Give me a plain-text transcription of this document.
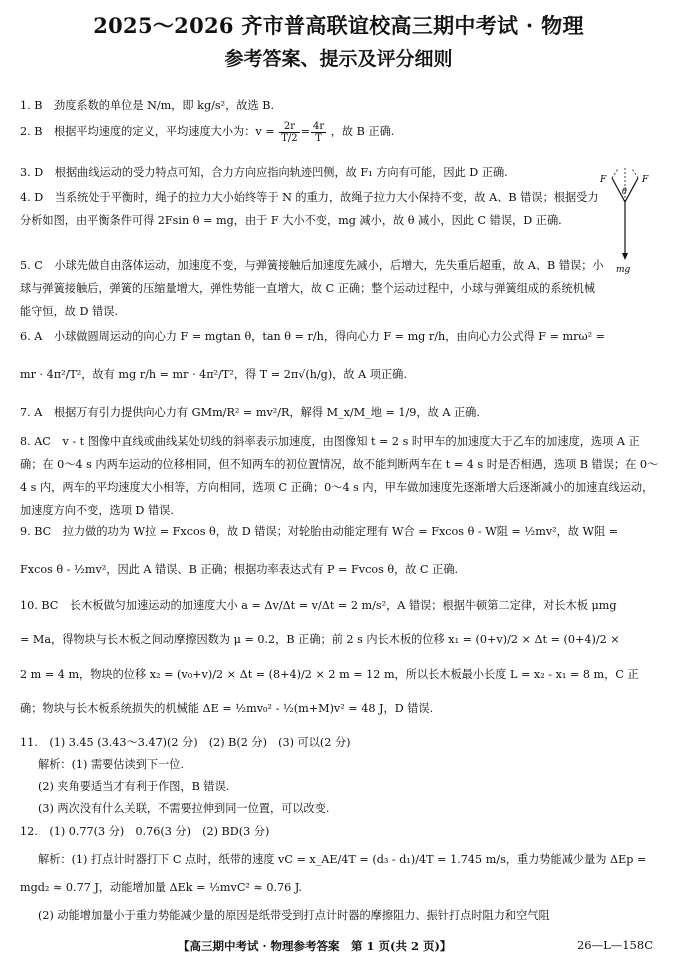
2025～2026 齐市普高联谊校高三期中考试 · 物理
参考答案、提示及评分细则
1. B 劲度系数的单位是 N/m，即 kg/s²，故选 B.
2. B 根据平均速度的定义，平均速度大小为：$v = \frac{2r}{T/2} = \frac{4r}{T}$ ，故 B 正确.
3. D 根据曲线运动的受力特点可知，合力方向应指向轨迹凹侧，故 F₁ 方向有可能，因此 D 正确.
4. D 当系统处于平衡时，绳子的拉力大小始终等于 N 的重力，故绳子拉力大小保持不变，故 A、B 错误；根据受力分析如图，由平衡条件可得 2Fsin θ = mg，由于 F 大小不变，mg 减小，故 θ 减小，因此 C 错误，D 正确.
5. C 小球先做自由落体运动，加速度不变，与弹簧接触后加速度先减小，后增大，先失重后超重，故 A、B 错误；小球与弹簧接触后，弹簧的压缩量增大，弹性势能一直增大，故 C 正确；整个运动过程中，小球与弹簧组成的系统机械能守恒，故 D 错误.
6. A 小球做圆周运动的向心力 F = mgtan θ，tan θ = r/h，得向心力 F = mg r/h，由向心力公式得 F = mrω² =
mr · 4π²/T²，故有 mg r/h = mr · 4π²/T²，得 T = 2π√(h/g)，故 A 项正确.
7. A 根据万有引力提供向心力有 GMm/R² = mv²/R，解得 M_x/M_地 = 1/9，故 A 正确.
8. AC v - t 图像中直线或曲线某处切线的斜率表示加速度，由图像知 t = 2 s 时甲车的加速度大于乙车的加速度，选项 A 正确；在 0～4 s 内两车运动的位移相同，但不知两车的初位置情况，故不能判断两车在 t = 4 s 时是否相遇，选项 B 错误；在 0～4 s 内，两车的平均速度大小相等，方向相同，选项 C 正确；0～4 s 内，甲车做加速度先逐渐增大后逐渐减小的加速直线运动，加速度方向不变，选项 D 错误.
9. BC 拉力做的功为 W拉 = Fxcos θ，故 D 错误；对轮胎由动能定理有 W合 = Fxcos θ - W阻 = ½mv²，故 W阻 =
Fxcos θ - ½mv²，因此 A 错误、B 正确；根据功率表达式有 P = Fvcos θ，故 C 正确.
10. BC 长木板做匀加速运动的加速度大小 a = Δv/Δt = v/Δt = 2 m/s²，A 错误；根据牛顿第二定律，对长木板 μmg
= Ma，得物块与长木板之间动摩擦因数为 μ = 0.2，B 正确；前 2 s 内长木板的位移 x₁ = (0+v)/2 × Δt = (0+4)/2 ×
2 m = 4 m，物块的位移 x₂ = (v₀+v)/2 × Δt = (8+4)/2 × 2 m = 12 m，所以长木板最小长度 L = x₂ - x₁ = 8 m，C 正
确；物块与长木板系统损失的机械能 ΔE = ½mv₀² - ½(m+M)v² = 48 J，D 错误.
11. (1) 3.45 (3.43～3.47)(2 分)　(2) B(2 分)　(3) 可以(2 分)
解析：(1) 需要估读到下一位.
(2) 夹角要适当才有利于作图，B 错误.
(3) 两次没有什么关联，不需要拉伸到同一位置，可以改变.
12. (1) 0.77(3 分)　0.76(3 分)　(2) BD(3 分)
解析：(1) 打点计时器打下 C 点时，纸带的速度 vC = x_AE/4T = (d₃ - d₁)/4T = 1.745 m/s，重力势能减少量为 ΔEp =
mgd₂ ≈ 0.77 J，动能增加量 ΔEk = ½mvC² ≈ 0.76 J.
(2) 动能增加量小于重力势能减少量的原因是纸带受到打点计时器的摩擦阻力、振针打点时阻力和空气阻
F	F
θ
mg
【高三期中考试 · 物理参考答案　第 1 页(共 2 页)】	26—L—158C
